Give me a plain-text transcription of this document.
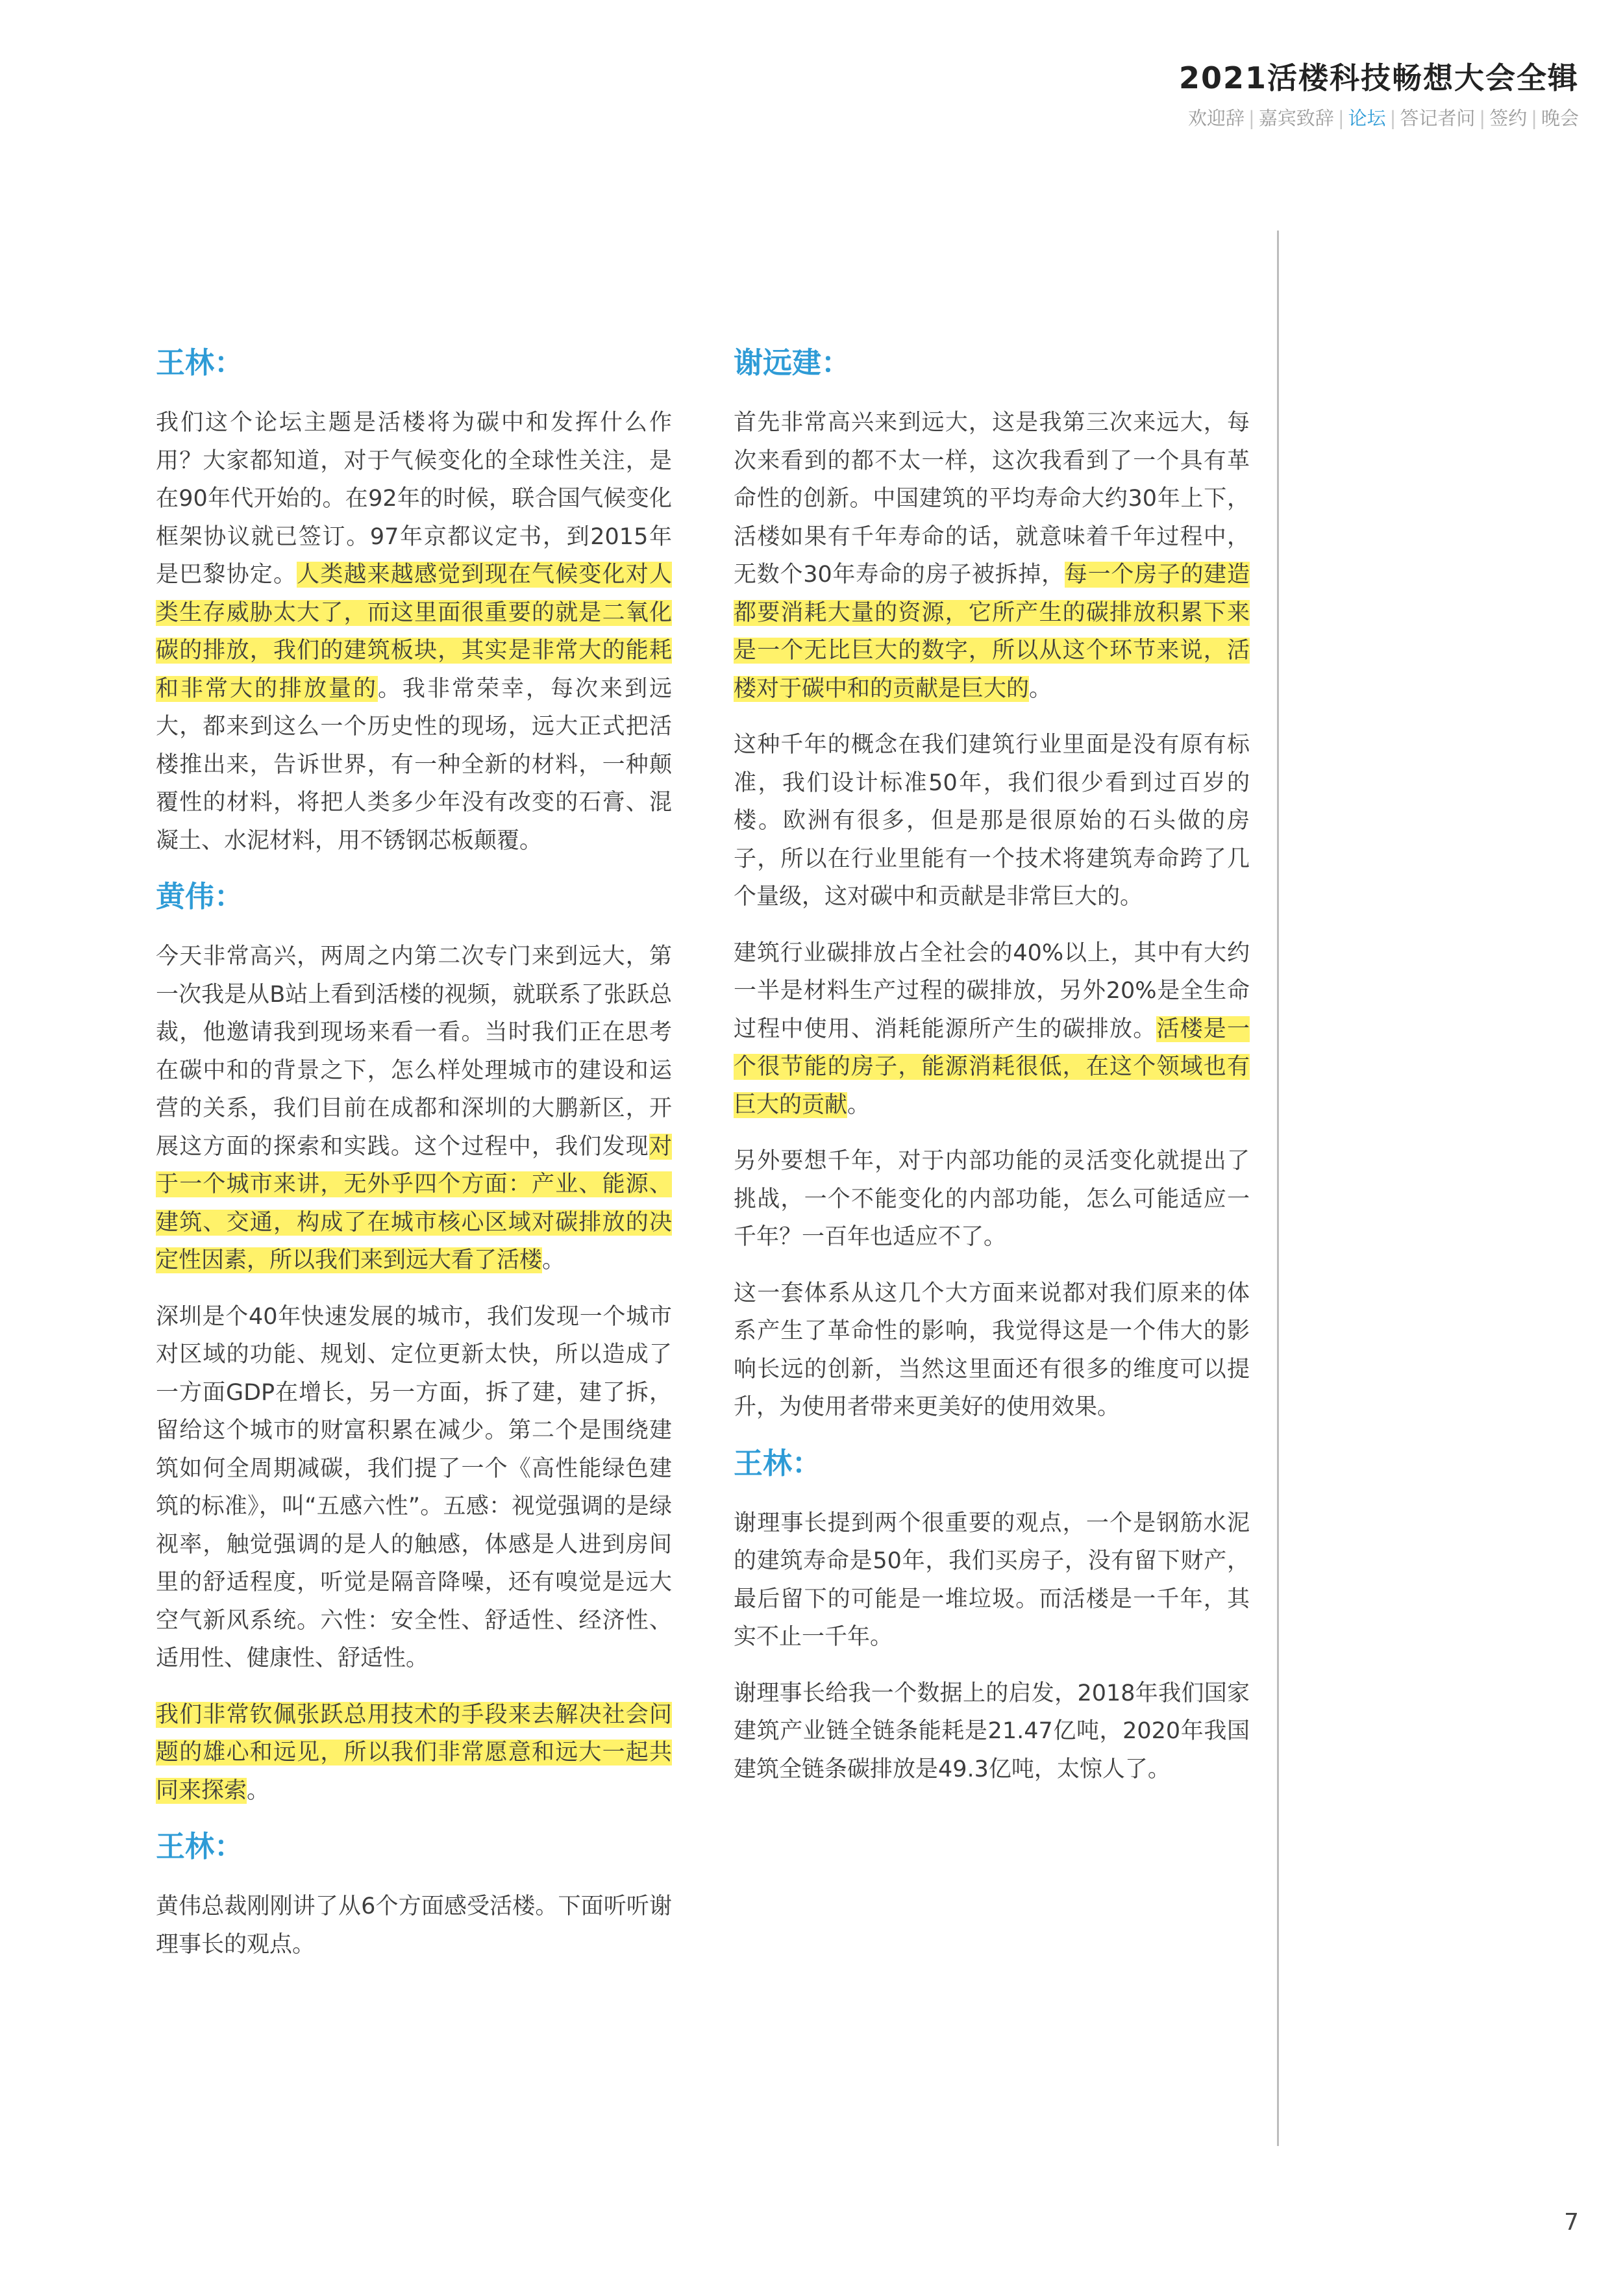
2021活楼科技畅想大会全辑
欢迎辞 | 嘉宾致辞 | 论坛 | 答记者问 | 签约 | 晚会
王林：

我们这个论坛主题是活楼将为碳中和发挥什么作用？大家都知道，对于气候变化的全球性关注，是在90年代开始的。在92年的时候，联合国气候变化框架协议就已签订。97年京都议定书，到2015年是巴黎协定。人类越来越感觉到现在气候变化对人类生存威胁太大了，而这里面很重要的就是二氧化碳的排放，我们的建筑板块，其实是非常大的能耗和非常大的排放量的。我非常荣幸，每次来到远大，都来到这么一个历史性的现场，远大正式把活楼推出来，告诉世界，有一种全新的材料，一种颠覆性的材料，将把人类多少年没有改变的石膏、混凝土、水泥材料，用不锈钢芯板颠覆。

黄伟：

今天非常高兴，两周之内第二次专门来到远大，第一次我是从B站上看到活楼的视频，就联系了张跃总裁，他邀请我到现场来看一看。当时我们正在思考在碳中和的背景之下，怎么样处理城市的建设和运营的关系，我们目前在成都和深圳的大鹏新区，开展这方面的探索和实践。这个过程中，我们发现对于一个城市来讲，无外乎四个方面：产业、能源、建筑、交通，构成了在城市核心区域对碳排放的决定性因素，所以我们来到远大看了活楼。

深圳是个40年快速发展的城市，我们发现一个城市对区域的功能、规划、定位更新太快，所以造成了一方面GDP在增长，另一方面，拆了建，建了拆，留给这个城市的财富积累在减少。第二个是围绕建筑如何全周期减碳，我们提了一个《高性能绿色建筑的标准》，叫“五感六性”。五感：视觉强调的是绿视率，触觉强调的是人的触感，体感是人进到房间里的舒适程度，听觉是隔音降噪，还有嗅觉是远大空气新风系统。六性：安全性、舒适性、经济性、适用性、健康性、舒适性。

我们非常钦佩张跃总用技术的手段来去解决社会问题的雄心和远见，所以我们非常愿意和远大一起共同来探索。

王林：

黄伟总裁刚刚讲了从6个方面感受活楼。下面听听谢理事长的观点。

谢远建：

首先非常高兴来到远大，这是我第三次来远大，每次来看到的都不太一样，这次我看到了一个具有革命性的创新。中国建筑的平均寿命大约30年上下，活楼如果有千年寿命的话，就意味着千年过程中，无数个30年寿命的房子被拆掉，每一个房子的建造都要消耗大量的资源，它所产生的碳排放积累下来是一个无比巨大的数字，所以从这个环节来说，活楼对于碳中和的贡献是巨大的。

这种千年的概念在我们建筑行业里面是没有原有标准，我们设计标准50年，我们很少看到过百岁的楼。欧洲有很多，但是那是很原始的石头做的房子，所以在行业里能有一个技术将建筑寿命跨了几个量级，这对碳中和贡献是非常巨大的。

建筑行业碳排放占全社会的40%以上，其中有大约一半是材料生产过程的碳排放，另外20%是全生命过程中使用、消耗能源所产生的碳排放。活楼是一个很节能的房子，能源消耗很低，在这个领域也有巨大的贡献。

另外要想千年，对于内部功能的灵活变化就提出了挑战，一个不能变化的内部功能，怎么可能适应一千年？一百年也适应不了。

这一套体系从这几个大方面来说都对我们原来的体系产生了革命性的影响，我觉得这是一个伟大的影响长远的创新，当然这里面还有很多的维度可以提升，为使用者带来更美好的使用效果。

王林：

谢理事长提到两个很重要的观点，一个是钢筋水泥的建筑寿命是50年，我们买房子，没有留下财产，最后留下的可能是一堆垃圾。而活楼是一千年，其实不止一千年。

谢理事长给我一个数据上的启发，2018年我们国家建筑产业链全链条能耗是21.47亿吨，2020年我国建筑全链条碳排放是49.3亿吨，太惊人了。

7
